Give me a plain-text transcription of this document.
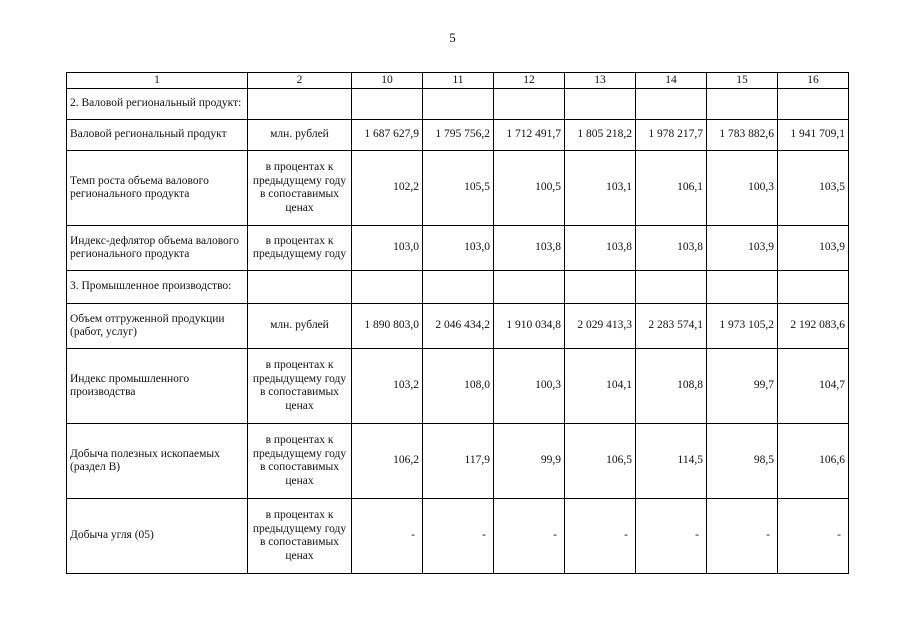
5
1	2	10	11	12	13	14	15	16
2. Валовой региональный продукт:								
Валовой региональный продукт	млн. рублей	1 687 627,9	1 795 756,2	1 712 491,7	1 805 218,2	1 978 217,7	1 783 882,6	1 941 709,1
Темп роста объема валового регионального продукта	в процентах к предыдущему году в сопоставимых ценах	102,2	105,5	100,5	103,1	106,1	100,3	103,5
Индекс-дефлятор объема валового регионального продукта	в процентах к предыдущему году	103,0	103,0	103,8	103,8	103,8	103,9	103,9
3. Промышленное производство:								
Объем отгруженной продукции (работ, услуг)	млн. рублей	1 890 803,0	2 046 434,2	1 910 034,8	2 029 413,3	2 283 574,1	1 973 105,2	2 192 083,6
Индекс промышленного производства	в процентах к предыдущему году в сопоставимых ценах	103,2	108,0	100,3	104,1	108,8	99,7	104,7
Добыча полезных ископаемых (раздел B)	в процентах к предыдущему году в сопоставимых ценах	106,2	117,9	99,9	106,5	114,5	98,5	106,6
Добыча угля (05)	в процентах к предыдущему году в сопоставимых ценах	-	-	-	-	-	-	-
